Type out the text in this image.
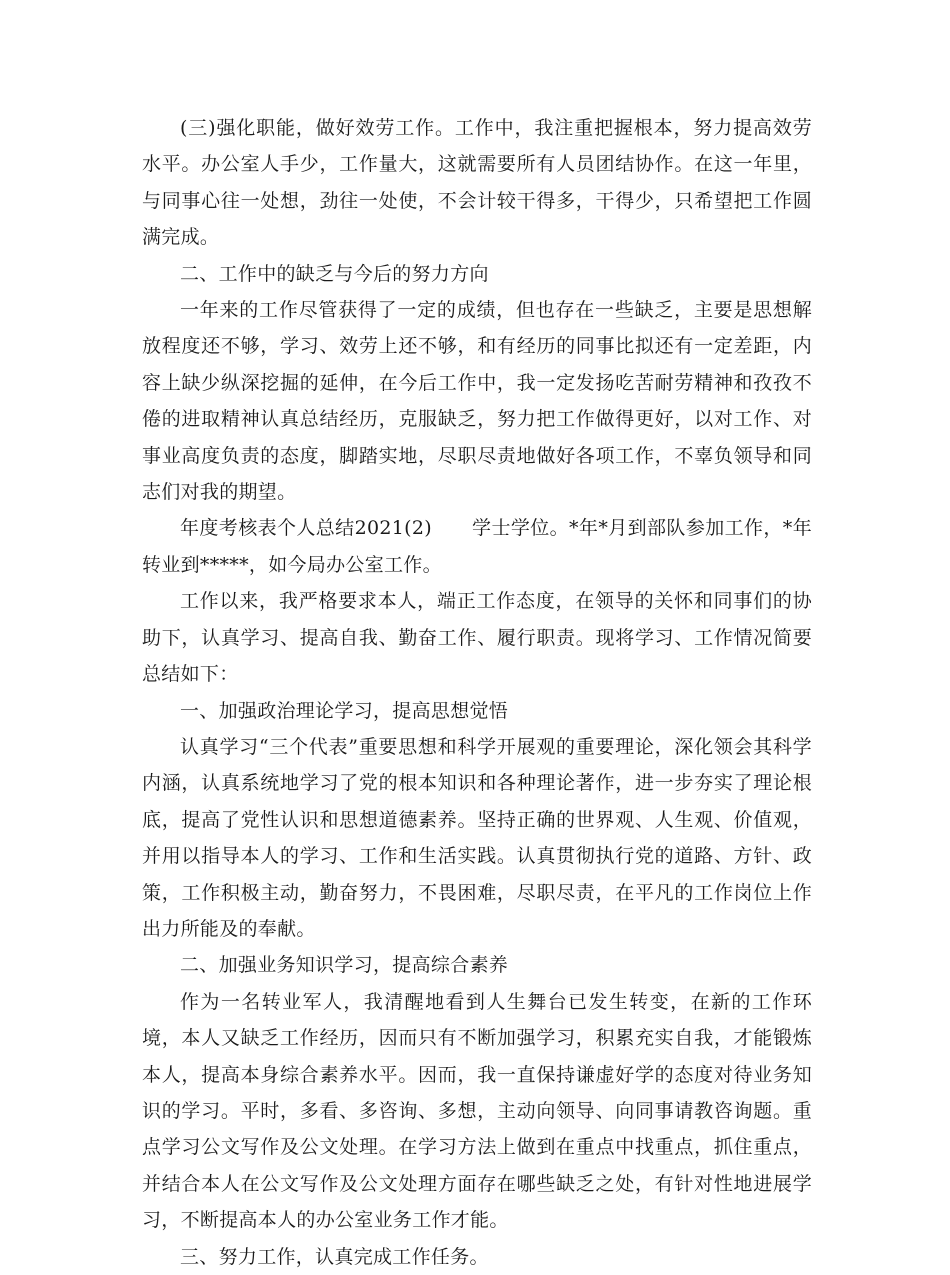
(三)强化职能，做好效劳工作。工作中，我注重把握根本，努力提高效劳水平。办公室人手少，工作量大，这就需要所有人员团结协作。在这一年里，与同事心往一处想，劲往一处使，不会计较干得多，干得少，只希望把工作圆满完成。

二、工作中的缺乏与今后的努力方向

一年来的工作尽管获得了一定的成绩，但也存在一些缺乏，主要是思想解放程度还不够，学习、效劳上还不够，和有经历的同事比拟还有一定差距，内容上缺少纵深挖掘的延伸，在今后工作中，我一定发扬吃苦耐劳精神和孜孜不倦的进取精神认真总结经历，克服缺乏，努力把工作做得更好，以对工作、对事业高度负责的态度，脚踏实地，尽职尽责地做好各项工作，不辜负领导和同志们对我的期望。

年度考核表个人总结2021(2) 学士学位。*年*月到部队参加工作，*年转业到*****，如今局办公室工作。

工作以来，我严格要求本人，端正工作态度，在领导的关怀和同事们的协助下，认真学习、提高自我、勤奋工作、履行职责。现将学习、工作情况简要总结如下：

一、加强政治理论学习，提高思想觉悟

认真学习“三个代表”重要思想和科学开展观的重要理论，深化领会其科学内涵，认真系统地学习了党的根本知识和各种理论著作，进一步夯实了理论根底，提高了党性认识和思想道德素养。坚持正确的世界观、人生观、价值观，并用以指导本人的学习、工作和生活实践。认真贯彻执行党的道路、方针、政策，工作积极主动，勤奋努力，不畏困难，尽职尽责，在平凡的工作岗位上作出力所能及的奉献。

二、加强业务知识学习，提高综合素养

作为一名转业军人，我清醒地看到人生舞台已发生转变，在新的工作环境，本人又缺乏工作经历，因而只有不断加强学习，积累充实自我，才能锻炼本人，提高本身综合素养水平。因而，我一直保持谦虚好学的态度对待业务知识的学习。平时，多看、多咨询、多想，主动向领导、向同事请教咨询题。重点学习公文写作及公文处理。在学习方法上做到在重点中找重点，抓住重点，并结合本人在公文写作及公文处理方面存在哪些缺乏之处，有针对性地进展学习，不断提高本人的办公室业务工作才能。

三、努力工作，认真完成工作任务。
